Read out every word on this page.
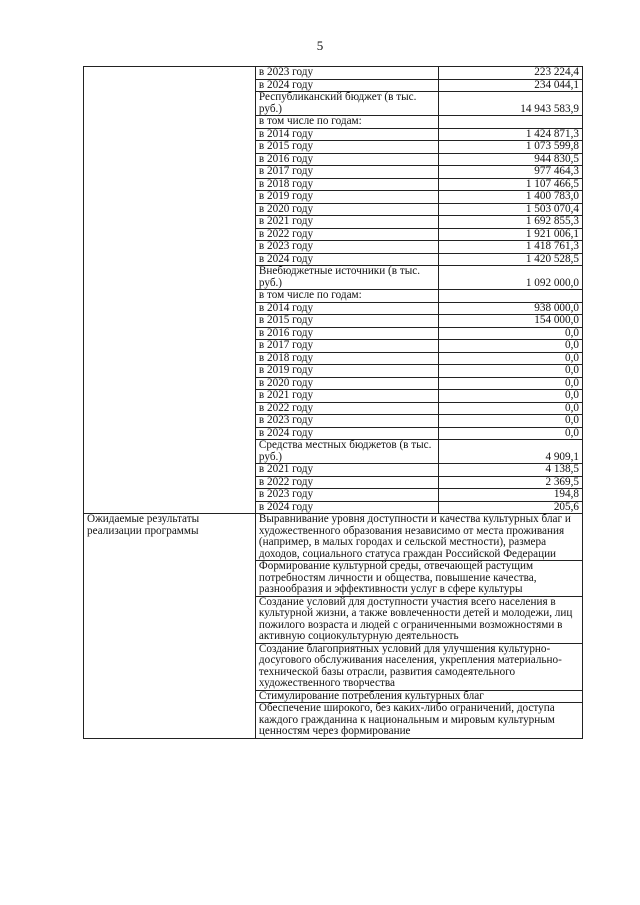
5
	в 2023 году	223 224,4
	в 2024 году	234 044,1
	Республиканский бюджет (в тыс. руб.)	14 943 583,9
	в том числе по годам:	
	в 2014 году	1 424 871,3
	в 2015 году	1 073 599,8
	в 2016 году	944 830,5
	в 2017 году	977 464,3
	в 2018 году	1 107 466,5
	в 2019 году	1 400 783,0
	в 2020 году	1 503 070,4
	в 2021 году	1 692 855,3
	в 2022 году	1 921 006,1
	в 2023 году	1 418 761,3
	в 2024 году	1 420 528,5
	Внебюджетные источники (в тыс. руб.)	1 092 000,0
	в том числе по годам:	
	в 2014 году	938 000,0
	в 2015 году	154 000,0
	в 2016 году	0,0
	в 2017 году	0,0
	в 2018 году	0,0
	в 2019 году	0,0
	в 2020 году	0,0
	в 2021 году	0,0
	в 2022 году	0,0
	в 2023 году	0,0
	в 2024 году	0,0
	Средства местных бюджетов (в тыс. руб.)	4 909,1
	в 2021 году	4 138,5
	в 2022 году	2 369,5
	в 2023 году	194,8
	в 2024 году	205,6
Ожидаемые результаты реализации программы	Выравнивание уровня доступности и качества культурных благ и художественного образования независимо от места проживания (например, в малых городах и сельской местности), размера доходов, социального статуса граждан Российской Федерации	
	Формирование культурной среды, отвечающей растущим потребностям личности и общества, повышение качества, разнообразия и эффективности услуг в сфере культуры	
	Создание условий для доступности участия всего населения в культурной жизни, а также вовлеченности детей и молодежи, лиц пожилого возраста и людей с ограниченными возможностями в активную социокультурную деятельность	
	Создание благоприятных условий для улучшения культурно-досугового обслуживания населения, укрепления материально-технической базы отрасли, развития самодеятельного художественного творчества	
	Стимулирование потребления культурных благ	
	Обеспечение широкого, без каких-либо ограничений, доступа каждого гражданина к национальным и мировым культурным ценностям через формирование	
